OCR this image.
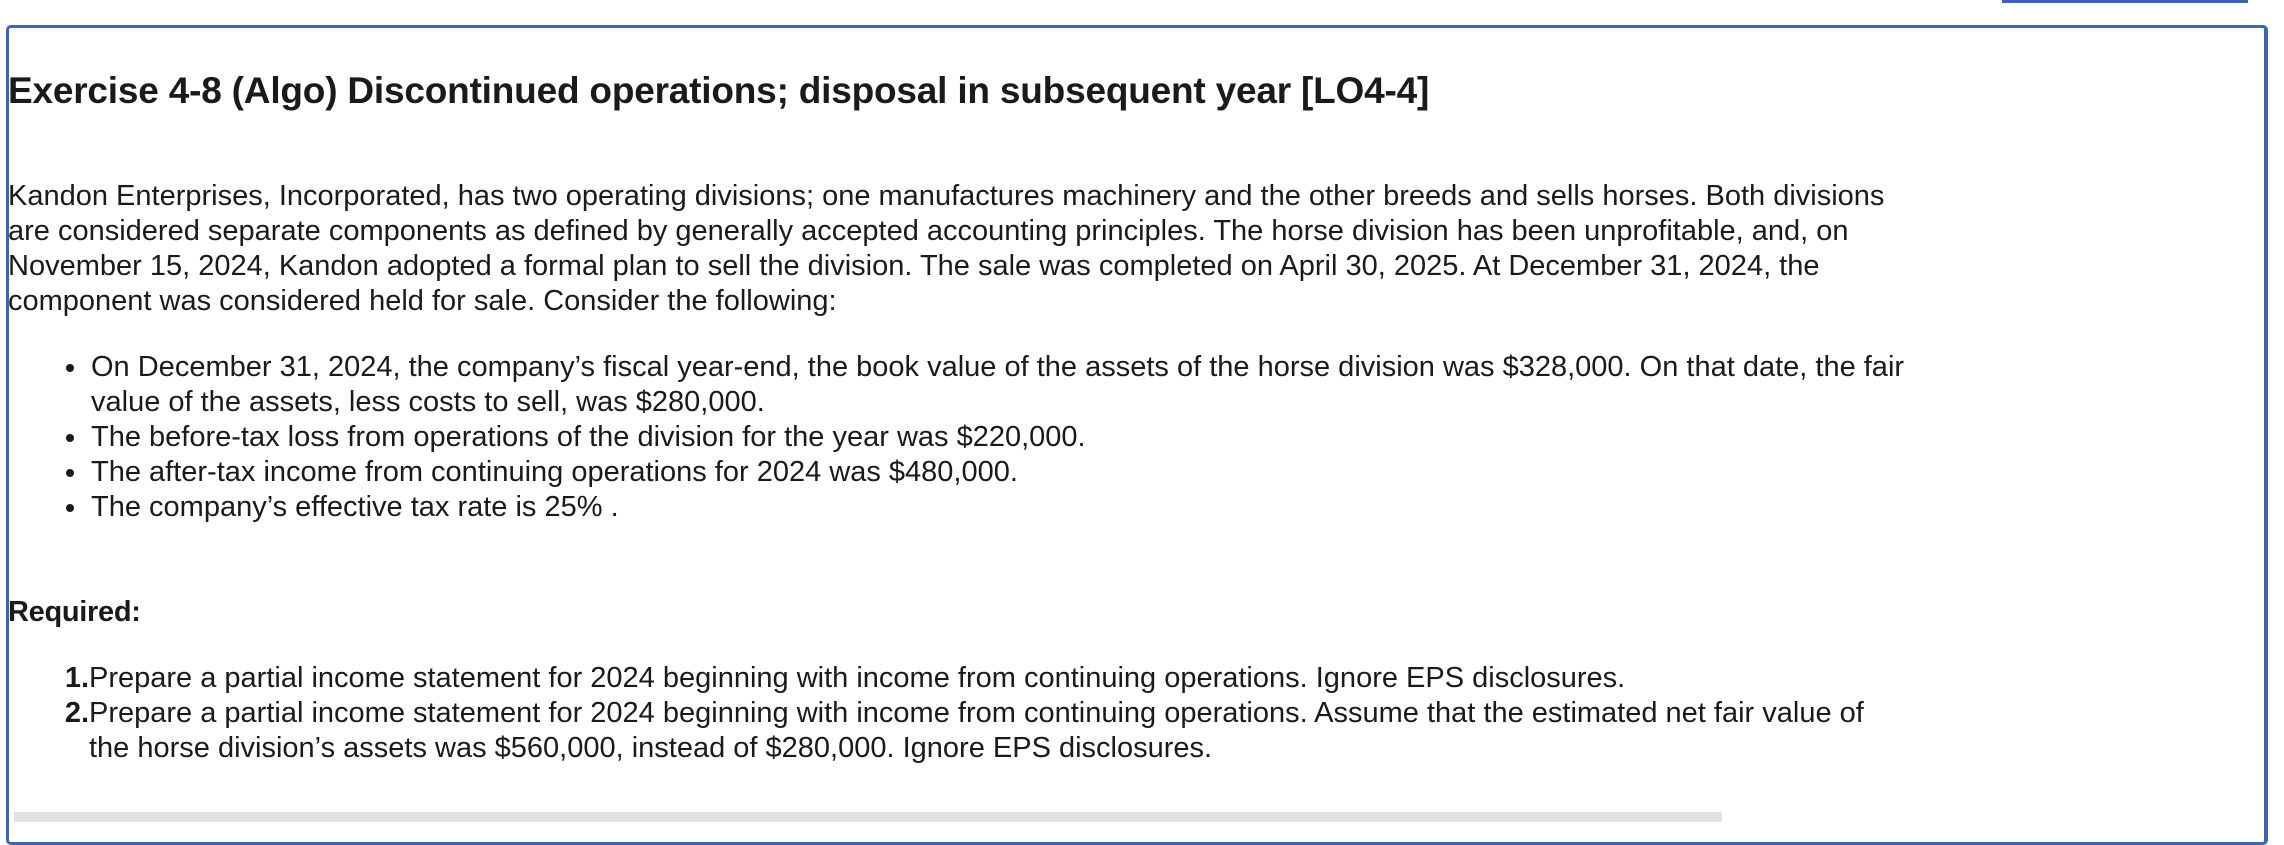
Exercise 4-8 (Algo) Discontinued operations; disposal in subsequent year [LO4-4]

Kandon Enterprises, Incorporated, has two operating divisions; one manufactures machinery and the other breeds and sells horses. Both divisions are considered separate components as defined by generally accepted accounting principles. The horse division has been unprofitable, and, on November 15, 2024, Kandon adopted a formal plan to sell the division. The sale was completed on April 30, 2025. At December 31, 2024, the component was considered held for sale. Consider the following:

• On December 31, 2024, the company’s fiscal year-end, the book value of the assets of the horse division was $328,000. On that date, the fair value of the assets, less costs to sell, was $280,000.
• The before-tax loss from operations of the division for the year was $220,000.
• The after-tax income from continuing operations for 2024 was $480,000.
• The company’s effective tax rate is 25% .
Required:
1. Prepare a partial income statement for 2024 beginning with income from continuing operations. Ignore EPS disclosures.
2. Prepare a partial income statement for 2024 beginning with income from continuing operations. Assume that the estimated net fair value of the horse division’s assets was $560,000, instead of $280,000. Ignore EPS disclosures.
